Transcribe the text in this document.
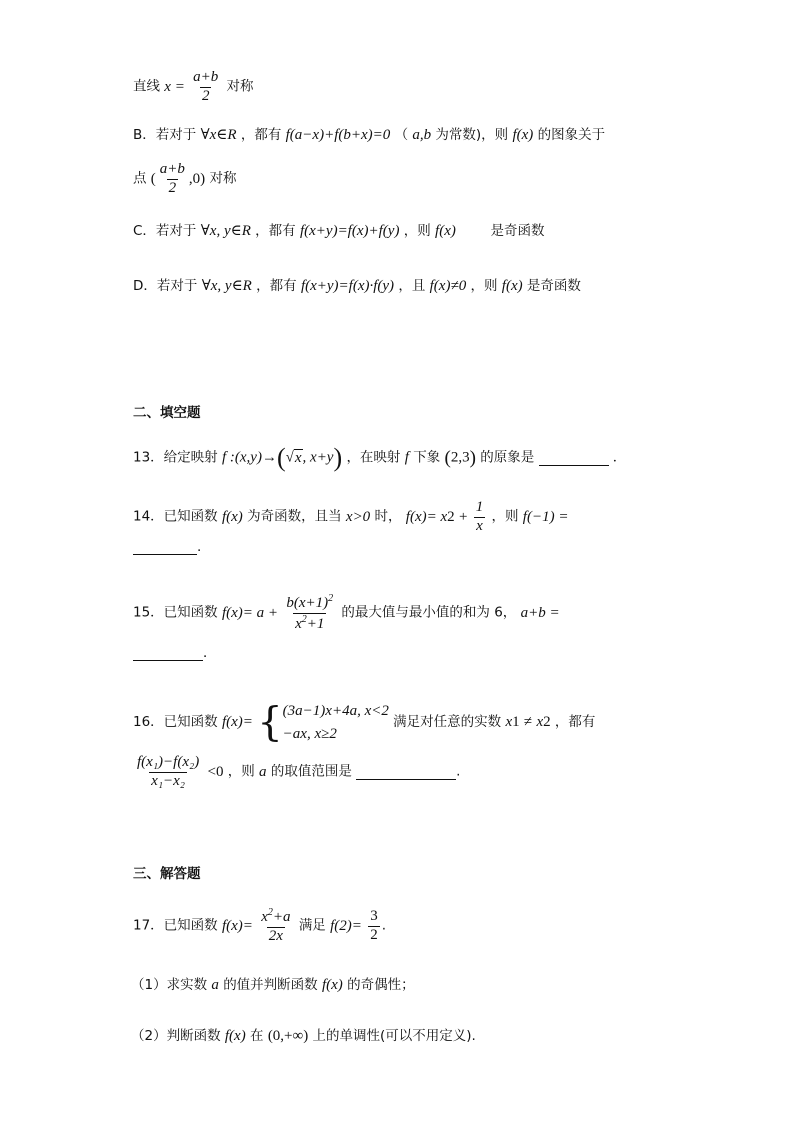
直线 $x = \frac{a+b}{2}$ 对称
B．若对于 ∀x∈R ，都有 f(a−x)+f(b+x)=0 （ a,b 为常数)，则 f(x) 的图象关于
点 ( $\frac{a+b}{2} ,0$) 对称
C．若对于 ∀x, y∈R ，都有 f(x+y)=f(x)+f(y) ，则 f(x)	是奇函数
D．若对于 ∀x, y∈R ，都有 f(x+y)=f(x)·f(y) ，且 f(x)≠0 ，则 f(x) 是奇函数
二、填空题
13．给定映射 f :(x,y)→(√x, x+y) ，在映射 f 下象 (2,3) 的原象是	．
14．已知函数 f(x) 为奇函数，且当 x>0 时， $f(x)= x2 + \frac{1}{x}$ ，则 f(−1) =
.
15．已知函数 $f(x)= a + \frac{b(x+1)^2}{x^2+1}$ 的最大值与最小值的和为 6， a+b =
．
16．已知函数 f(x)= { (3a−1)x+4a, x<2
−ax, x≥2
满足对任意的实数 x1 ≠ x2 ，都有
$\frac{\text{f(x₁)−f(x₂)}}{\text{x₁−x₂}} <0$ ，则 a 的取值范围是	.
三、解答题
17．已知函数 $f(x)= \frac{x^2+a}{2x}$ 满足 $f(2)= \frac{3}{2}$ .
（1）求实数 a 的值并判断函数 f(x) 的奇偶性；
（2）判断函数 f(x) 在 (0,+∞) 上的单调性(可以不用定义).
